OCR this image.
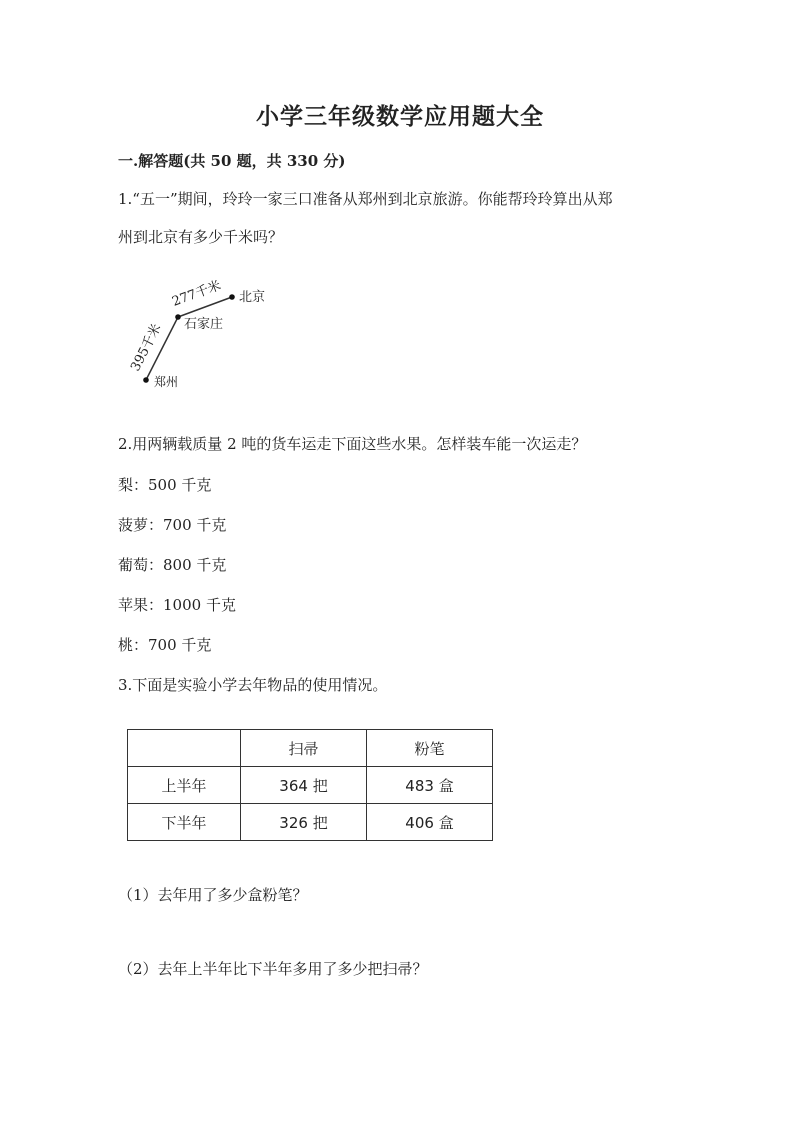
小学三年级数学应用题大全
一.解答题(共 50 题，共 330 分)
1.“五一”期间，玲玲一家三口准备从郑州到北京旅游。你能帮玲玲算出从郑
州到北京有多少千米吗？
北京
石家庄
郑州
277千米
395千米
2.用两辆载质量 2 吨的货车运走下面这些水果。怎样装车能一次运走？
梨：500 千克
菠萝：700 千克
葡萄：800 千克
苹果：1000 千克
桃：700 千克
3.下面是实验小学去年物品的使用情况。
	扫帚	粉笔
上半年	364 把	483 盒
下半年	326 把	406 盒
（1）去年用了多少盒粉笔？
（2）去年上半年比下半年多用了多少把扫帚？
